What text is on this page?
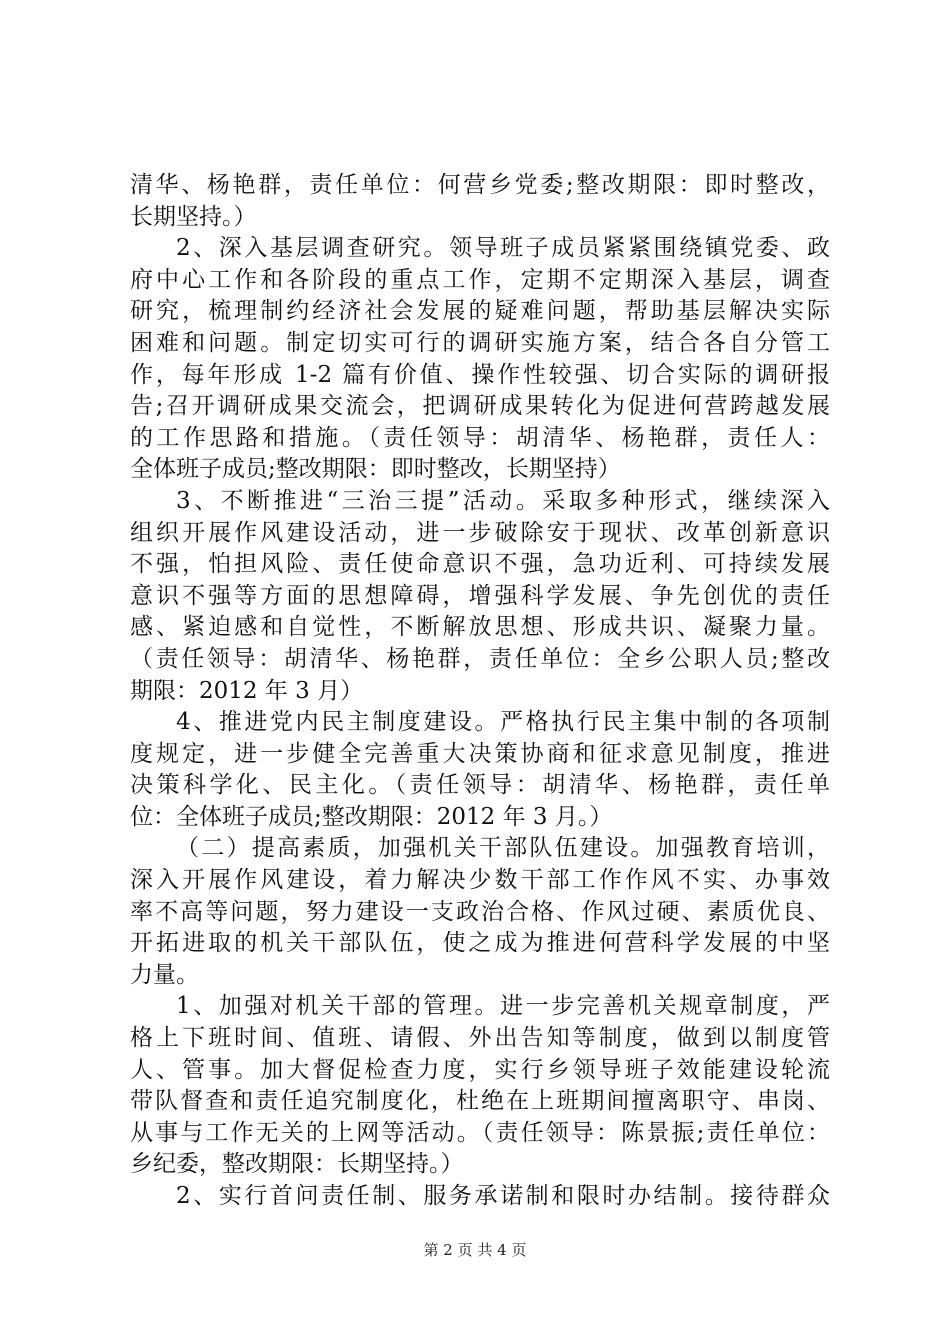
清华、杨艳群，责任单位：何营乡党委;整改期限：即时整改，
长期坚持。）
2、深入基层调查研究。领导班子成员紧紧围绕镇党委、政
府中心工作和各阶段的重点工作，定期不定期深入基层，调查
研究，梳理制约经济社会发展的疑难问题，帮助基层解决实际
困难和问题。制定切实可行的调研实施方案，结合各自分管工
作，每年形成 1-2 篇有价值、操作性较强、切合实际的调研报
告;召开调研成果交流会，把调研成果转化为促进何营跨越发展
的工作思路和措施。（责任领导：胡清华、杨艳群，责任人：
全体班子成员;整改期限：即时整改，长期坚持）
3、不断推进“三治三提”活动。采取多种形式，继续深入
组织开展作风建设活动，进一步破除安于现状、改革创新意识
不强，怕担风险、责任使命意识不强，急功近利、可持续发展
意识不强等方面的思想障碍，增强科学发展、争先创优的责任
感、紧迫感和自觉性，不断解放思想、形成共识、凝聚力量。
（责任领导：胡清华、杨艳群，责任单位：全乡公职人员;整改
期限：2012 年 3 月）
4、推进党内民主制度建设。严格执行民主集中制的各项制
度规定，进一步健全完善重大决策协商和征求意见制度，推进
决策科学化、民主化。（责任领导：胡清华、杨艳群，责任单
位：全体班子成员;整改期限：2012 年 3 月。）
（二）提高素质，加强机关干部队伍建设。加强教育培训，
深入开展作风建设，着力解决少数干部工作作风不实、办事效
率不高等问题，努力建设一支政治合格、作风过硬、素质优良、
开拓进取的机关干部队伍，使之成为推进何营科学发展的中坚
力量。
1、加强对机关干部的管理。进一步完善机关规章制度，严
格上下班时间、值班、请假、外出告知等制度，做到以制度管
人、管事。加大督促检查力度，实行乡领导班子效能建设轮流
带队督查和责任追究制度化，杜绝在上班期间擅离职守、串岗、
从事与工作无关的上网等活动。（责任领导：陈景振;责任单位：
乡纪委，整改期限：长期坚持。）
2、实行首问责任制、服务承诺制和限时办结制。接待群众
第 2 页 共 4 页
